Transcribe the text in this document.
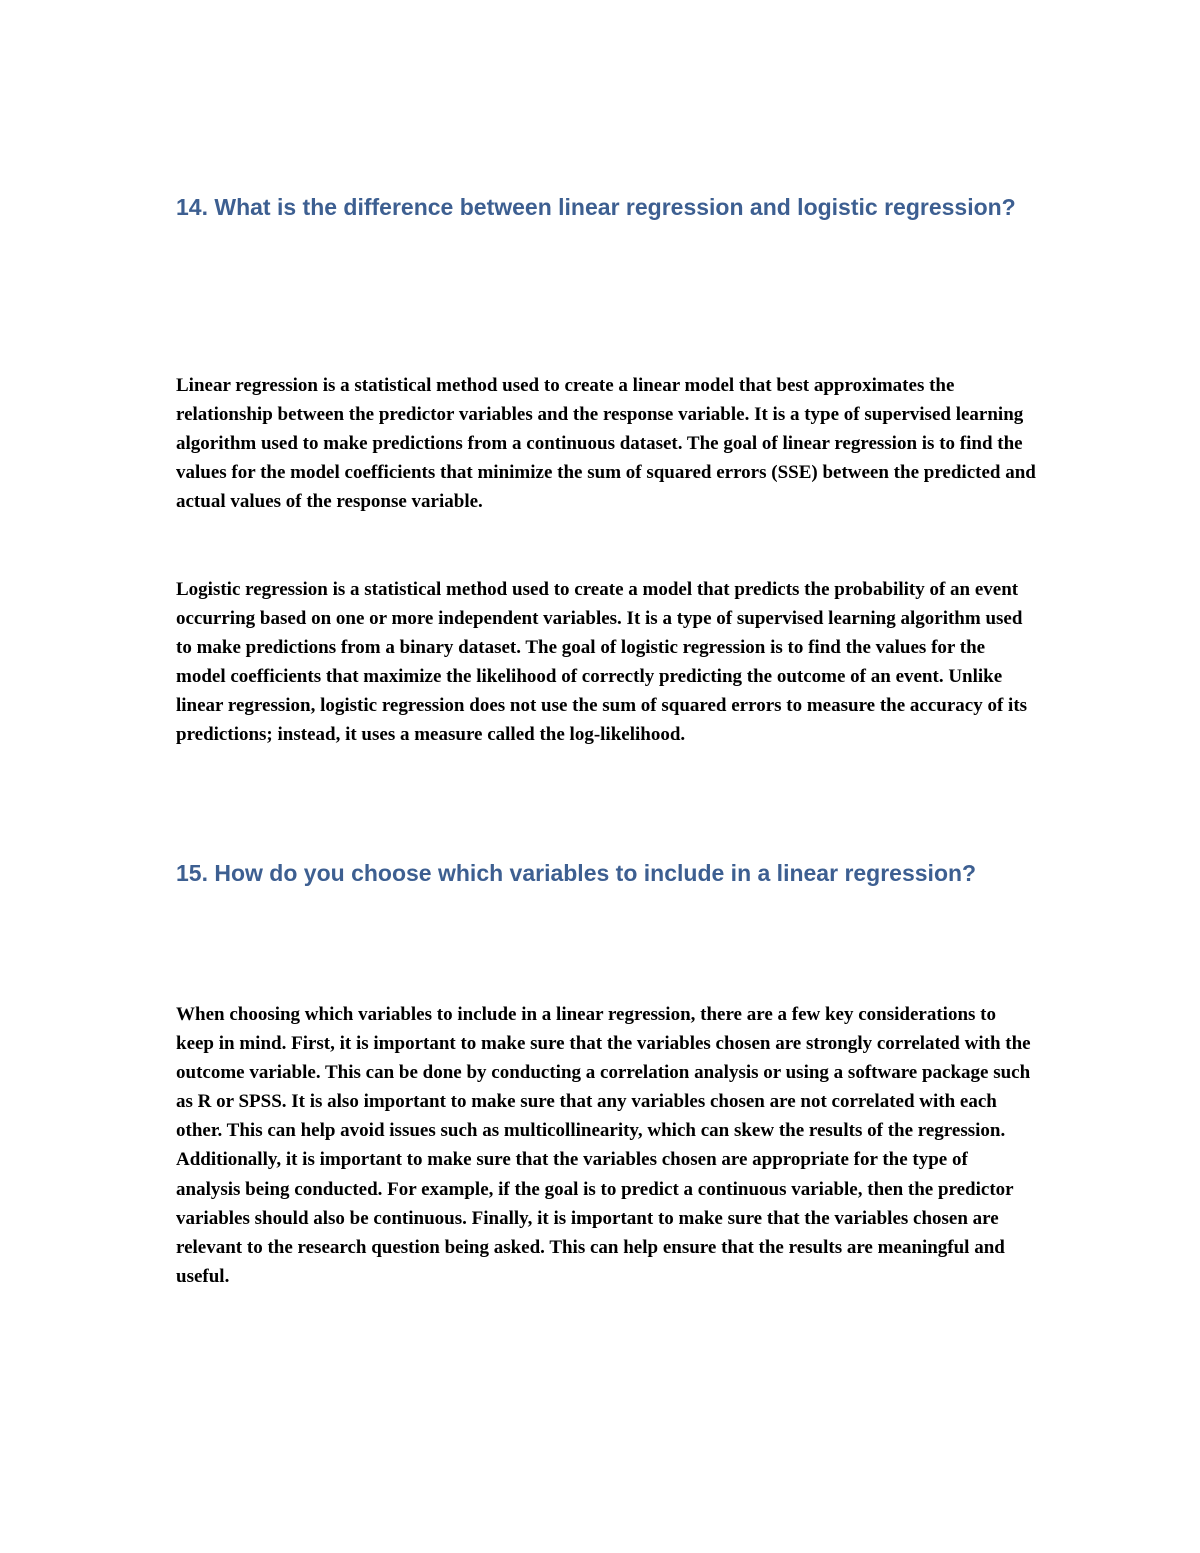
14. What is the difference between linear regression and logistic regression?

Linear regression is a statistical method used to create a linear model that best approximates the relationship between the predictor variables and the response variable. It is a type of supervised learning algorithm used to make predictions from a continuous dataset. The goal of linear regression is to find the values for the model coefficients that minimize the sum of squared errors (SSE) between the predicted and actual values of the response variable.

Logistic regression is a statistical method used to create a model that predicts the probability of an event occurring based on one or more independent variables. It is a type of supervised learning algorithm used to make predictions from a binary dataset. The goal of logistic regression is to find the values for the model coefficients that maximize the likelihood of correctly predicting the outcome of an event. Unlike linear regression, logistic regression does not use the sum of squared errors to measure the accuracy of its predictions; instead, it uses a measure called the log-likelihood.

15. How do you choose which variables to include in a linear regression?

When choosing which variables to include in a linear regression, there are a few key considerations to keep in mind. First, it is important to make sure that the variables chosen are strongly correlated with the outcome variable. This can be done by conducting a correlation analysis or using a software package such as R or SPSS. It is also important to make sure that any variables chosen are not correlated with each other. This can help avoid issues such as multicollinearity, which can skew the results of the regression. Additionally, it is important to make sure that the variables chosen are appropriate for the type of analysis being conducted. For example, if the goal is to predict a continuous variable, then the predictor variables should also be continuous. Finally, it is important to make sure that the variables chosen are relevant to the research question being asked. This can help ensure that the results are meaningful and useful.
